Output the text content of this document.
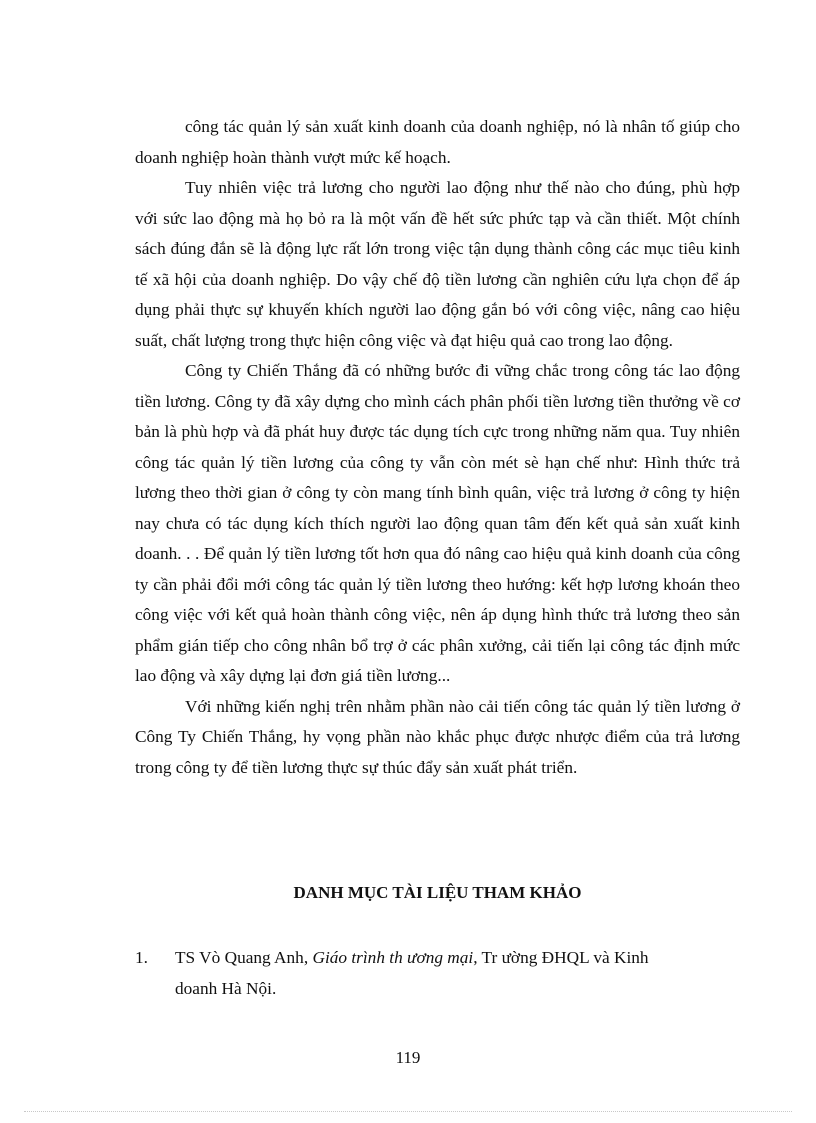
công tác quản lý sản xuất kinh doanh của doanh nghiệp, nó là nhân tố giúp cho doanh nghiệp hoàn thành vượt mức kế hoạch.

Tuy nhiên việc trả lương cho người lao động như thế nào cho đúng, phù hợp với sức lao động mà họ bỏ ra là một vấn đề hết sức phức tạp và cần thiết. Một chính sách đúng đắn sẽ là động lực rất lớn trong việc tận dụng thành công các mục tiêu kinh tế xã hội của doanh nghiệp. Do vậy chế độ tiền lương cần nghiên cứu lựa chọn để áp dụng phải thực sự khuyến khích người lao động gắn bó với công việc, nâng cao hiệu suất, chất lượng trong thực hiện công việc và đạt hiệu quả cao trong lao động.

Công ty Chiến Thắng đã có những bước đi vững chắc trong công tác lao động tiền lương. Công ty đã xây dựng cho mình cách phân phối tiền lương tiền thưởng về cơ bản là phù hợp và đã phát huy được tác dụng tích cực trong những năm qua. Tuy nhiên công tác quản lý tiền lương của công ty vẫn còn mét sè hạn chế như: Hình thức trả lương theo thời gian ở công ty còn mang tính bình quân, việc trả lương ở công ty hiện nay chưa có tác dụng kích thích người lao động quan tâm đến kết quả sản xuất kinh doanh. . . Để quản lý tiền lương tốt hơn qua đó nâng cao hiệu quả kinh doanh của công ty cần phải đổi mới công tác quản lý tiền lương theo hướng: kết hợp lương khoán theo công việc với kết quả hoàn thành công việc, nên áp dụng hình thức trả lương theo sản phẩm gián tiếp cho công nhân bổ trợ ở các phân xưởng, cải tiến lại công tác định mức lao động và xây dựng lại đơn giá tiền lương...

Với những kiến nghị trên nhằm phần nào cải tiến công tác quản lý tiền lương ở Công Ty Chiến Thắng, hy vọng phần nào khắc phục được nhược điểm của trả lương trong công ty để tiền lương thực sự thúc đẩy sản xuất phát triển.

DANH MỤC TÀI LIỆU THAM KHẢO
1.	TS Vò Quang Anh, Giáo trình th ương mại, Tr ường ĐHQL và Kinh
doanh Hà Nội.
119
